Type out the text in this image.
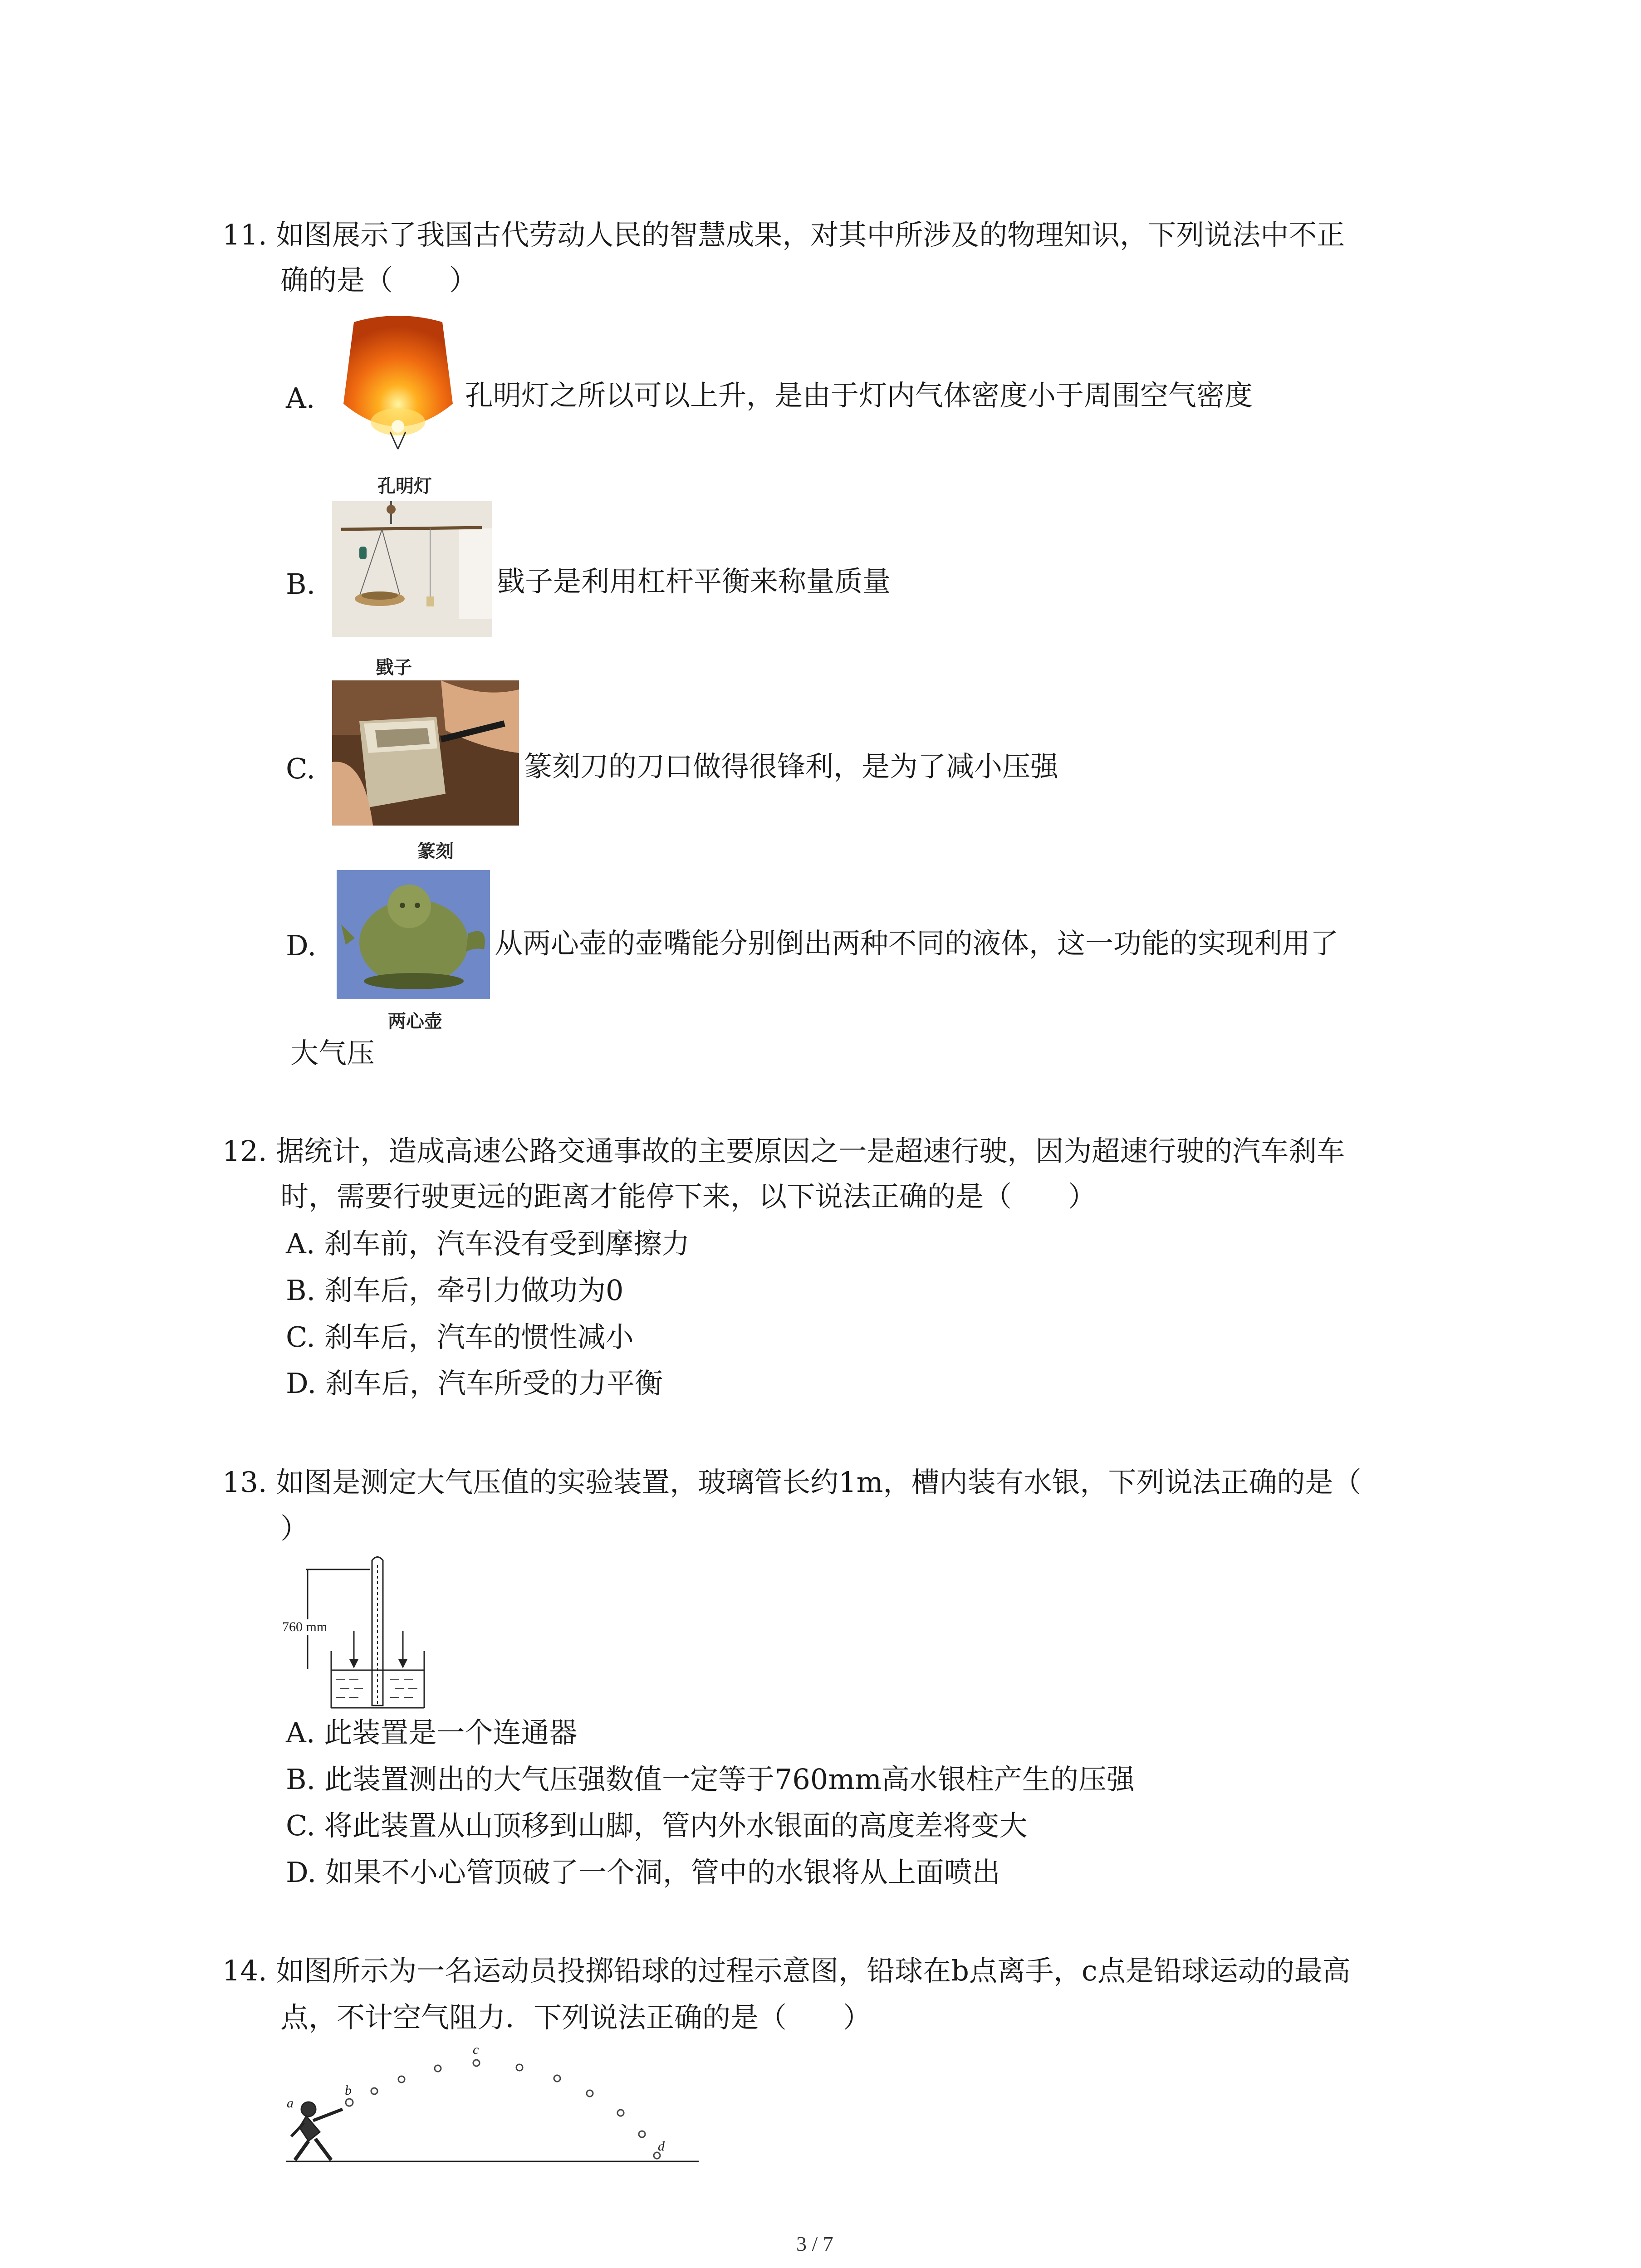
11. 如图展示了我国古代劳动人民的智慧成果，对其中所涉及的物理知识，下列说法中不正
确的是（　　）
A.
孔明灯
孔明灯之所以可以上升，是由于灯内气体密度小于周围空气密度
B.
戥子
戥子是利用杠杆平衡来称量质量
C.
篆刻
篆刻刀的刀口做得很锋利，是为了减小压强
D.
两心壶
从两心壶的壶嘴能分别倒出两种不同的液体，这一功能的实现利用了
大气压
12. 据统计，造成高速公路交通事故的主要原因之一是超速行驶，因为超速行驶的汽车刹车
时，需要行驶更远的距离才能停下来，以下说法正确的是（　　）
A. 刹车前，汽车没有受到摩擦力
B. 刹车后，牵引力做功为0
C. 刹车后，汽车的惯性减小
D. 刹车后，汽车所受的力平衡
13. 如图是测定大气压值的实验装置，玻璃管长约1m，槽内装有水银，下列说法正确的是（
）
760 mm
A. 此装置是一个连通器
B. 此装置测出的大气压强数值一定等于760mm高水银柱产生的压强
C. 将此装置从山顶移到山脚，管内外水银面的高度差将变大
D. 如果不小心管顶破了一个洞，管中的水银将从上面喷出
14. 如图所示为一名运动员投掷铅球的过程示意图，铅球在b点离手，c点是铅球运动的最高
点，不计空气阻力．下列说法正确的是（　　）
a
b
c
d
3 / 7
